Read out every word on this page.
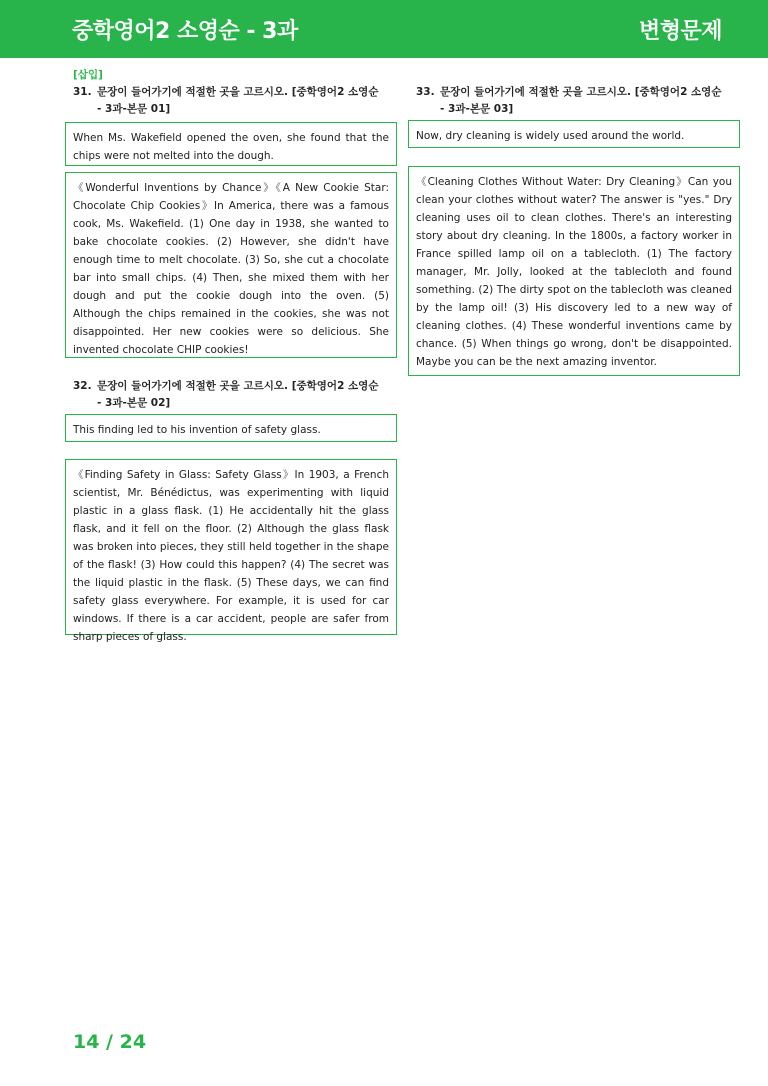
중학영어2 소영순 - 3과	변형문제
[삽입]
31. 문장이 들어가기에 적절한 곳을 고르시오. [중학영어2 소영순
- 3과-본문 01]
When Ms. Wakefield opened the oven, she found that the chips were not melted into the dough.
《Wonderful Inventions by Chance》《A New Cookie Star: Chocolate Chip Cookies》In America, there was a famous cook, Ms. Wakefield. (1) One day in 1938, she wanted to bake chocolate cookies. (2) However, she didn't have enough time to melt chocolate. (3) So, she cut a chocolate bar into small chips. (4) Then, she mixed them with her dough and put the cookie dough into the oven. (5) Although the chips remained in the cookies, she was not disappointed. Her new cookies were so delicious. She invented chocolate CHIP cookies!
32. 문장이 들어가기에 적절한 곳을 고르시오. [중학영어2 소영순
- 3과-본문 02]
This finding led to his invention of safety glass.
《Finding Safety in Glass: Safety Glass》In 1903, a French scientist, Mr. Bénédictus, was experimenting with liquid plastic in a glass flask. (1) He accidentally hit the glass flask, and it fell on the floor. (2) Although the glass flask was broken into pieces, they still held together in the shape of the flask! (3) How could this happen? (4) The secret was the liquid plastic in the flask. (5) These days, we can find safety glass everywhere. For example, it is used for car windows. If there is a car accident, people are safer from sharp pieces of glass.
33. 문장이 들어가기에 적절한 곳을 고르시오. [중학영어2 소영순
- 3과-본문 03]
Now, dry cleaning is widely used around the world.
《Cleaning Clothes Without Water: Dry Cleaning》Can you clean your clothes without water? The answer is "yes." Dry cleaning uses oil to clean clothes. There's an interesting story about dry cleaning. In the 1800s, a factory worker in France spilled lamp oil on a tablecloth. (1) The factory manager, Mr. Jolly, looked at the tablecloth and found something. (2) The dirty spot on the tablecloth was cleaned by the lamp oil! (3) His discovery led to a new way of cleaning clothes. (4) These wonderful inventions came by chance. (5) When things go wrong, don't be disappointed. Maybe you can be the next amazing inventor.
14 / 24
